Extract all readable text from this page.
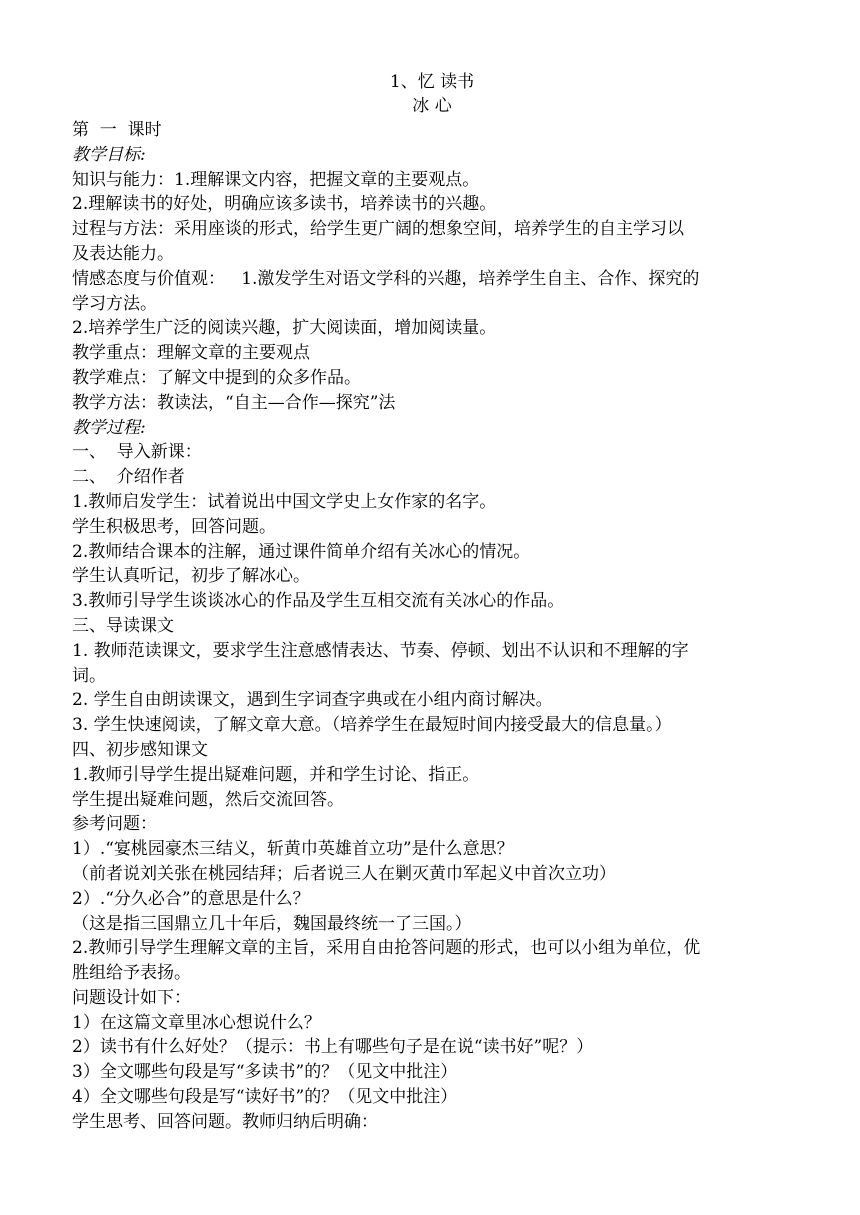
1、忆 读书
冰 心
第  一  课时
教学目标:
知识与能力：1.理解课文内容，把握文章的主要观点。
2.理解读书的好处，明确应该多读书，培养读书的兴趣。
过程与方法：采用座谈的形式，给学生更广阔的想象空间，培养学生的自主学习以
及表达能力。
情感态度与价值观：   1.激发学生对语文学科的兴趣，培养学生自主、合作、探究的
学习方法。
2.培养学生广泛的阅读兴趣，扩大阅读面，增加阅读量。
教学重点：理解文章的主要观点
教学难点：了解文中提到的众多作品。
教学方法：教读法，“自主—合作—探究”法
教学过程:
一、  导入新课：
二、  介绍作者
1.教师启发学生：试着说出中国文学史上女作家的名字。
学生积极思考，回答问题。
2.教师结合课本的注解，通过课件简单介绍有关冰心的情况。
学生认真听记，初步了解冰心。
3.教师引导学生谈谈冰心的作品及学生互相交流有关冰心的作品。
三、导读课文
1. 教师范读课文，要求学生注意感情表达、节奏、停顿、划出不认识和不理解的字
词。
2. 学生自由朗读课文，遇到生字词查字典或在小组内商讨解决。
3. 学生快速阅读，了解文章大意。（培养学生在最短时间内接受最大的信息量。）
四、初步感知课文
1.教师引导学生提出疑难问题，并和学生讨论、指正。
学生提出疑难问题，然后交流回答。
参考问题：
1）.“宴桃园豪杰三结义，斩黄巾英雄首立功”是什么意思？
（前者说刘关张在桃园结拜；后者说三人在剿灭黄巾军起义中首次立功）
2）.“分久必合”的意思是什么？
（这是指三国鼎立几十年后，魏国最终统一了三国。）
2.教师引导学生理解文章的主旨，采用自由抢答问题的形式，也可以小组为单位，优
胜组给予表扬。
问题设计如下：
1）在这篇文章里冰心想说什么？
2）读书有什么好处？（提示：书上有哪些句子是在说“读书好”呢？）
3）全文哪些句段是写“多读书”的？（见文中批注）
4）全文哪些句段是写“读好书”的？（见文中批注）
学生思考、回答问题。教师归纳后明确：
